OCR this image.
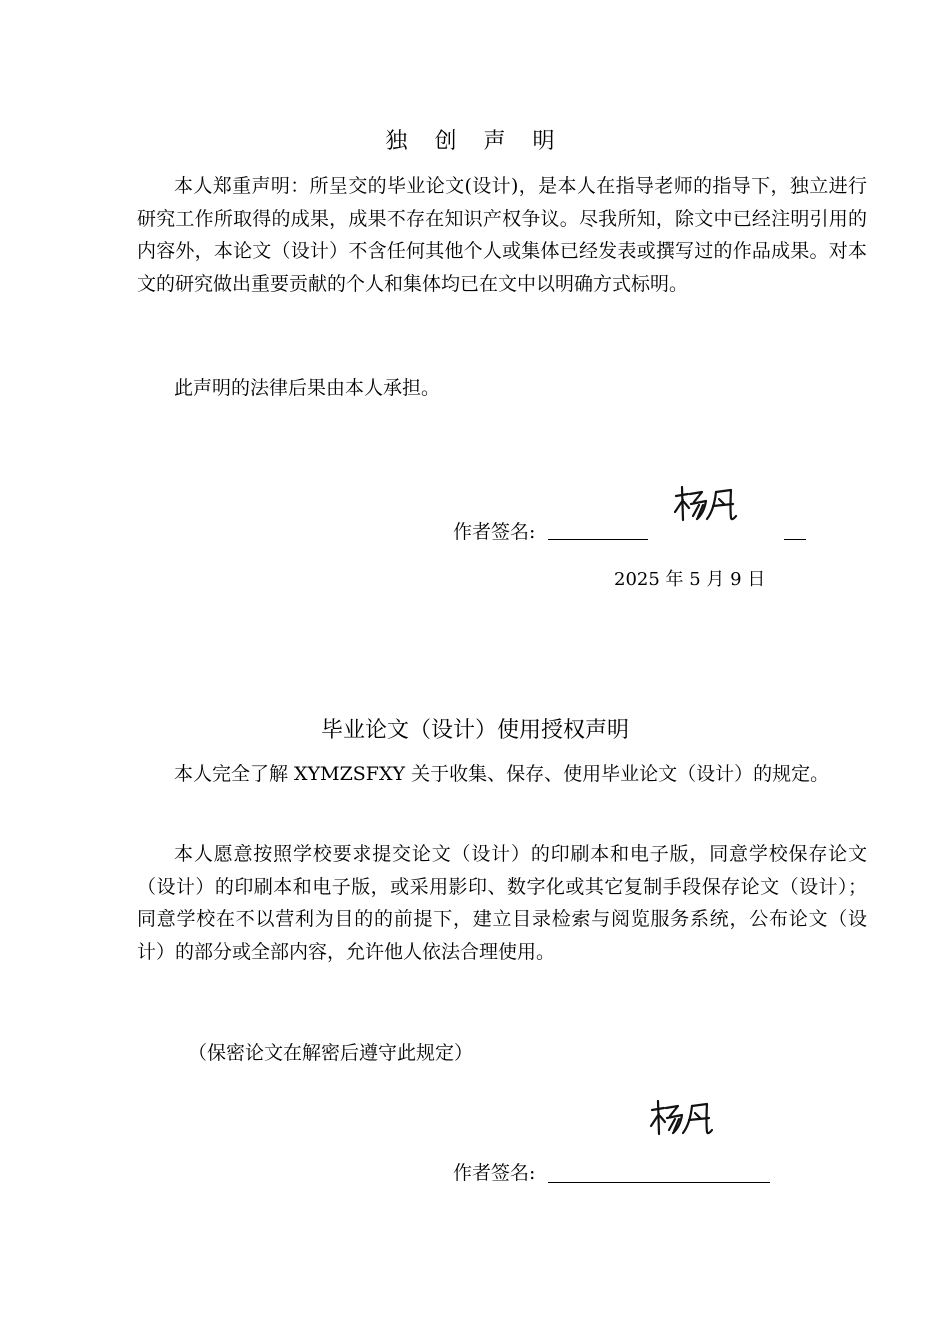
独 创 声 明
本人郑重声明：所呈交的毕业论文(设计)，是本人在指导老师的指导下，独立进行研究工作所取得的成果，成果不存在知识产权争议。尽我所知，除文中已经注明引用的内容外，本论文（设计）不含任何其他个人或集体已经发表或撰写过的作品成果。对本文的研究做出重要贡献的个人和集体均已在文中以明确方式标明。
此声明的法律后果由本人承担。
作者签名:
2025 年 5 月 9 日
毕业论文（设计）使用授权声明
本人完全了解 XYMZSFXY 关于收集、保存、使用毕业论文（设计）的规定。
本人愿意按照学校要求提交论文（设计）的印刷本和电子版，同意学校保存论文（设计）的印刷本和电子版，或采用影印、数字化或其它复制手段保存论文（设计）；同意学校在不以营利为目的的前提下，建立目录检索与阅览服务系统，公布论文（设计）的部分或全部内容，允许他人依法合理使用。
（保密论文在解密后遵守此规定）
作者签名:
